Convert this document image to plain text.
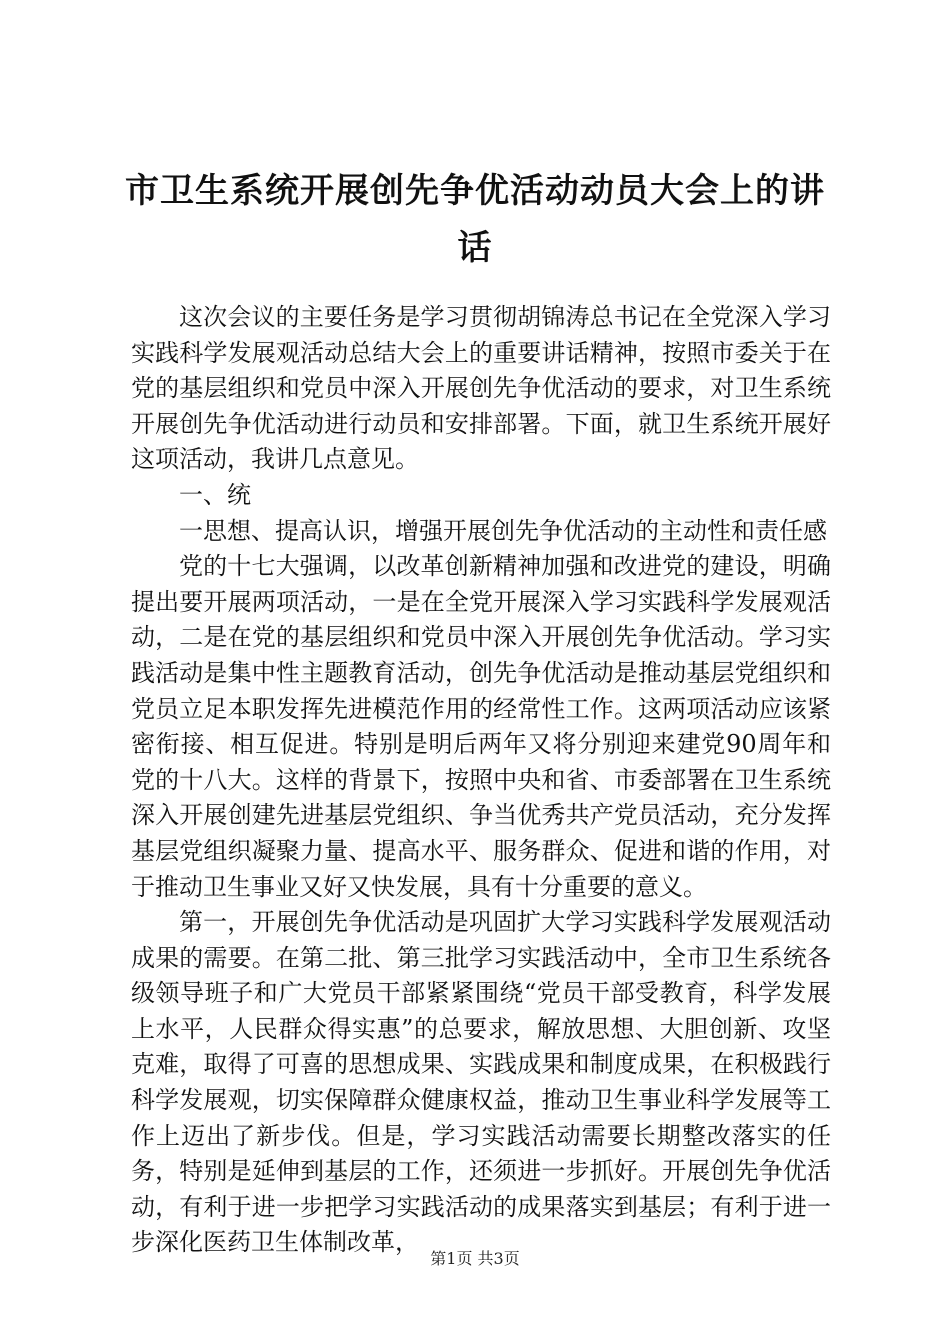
市卫生系统开展创先争优活动动员大会上的讲
话

这次会议的主要任务是学习贯彻胡锦涛总书记在全党深入学习实践科学发展观活动总结大会上的重要讲话精神，按照市委关于在党的基层组织和党员中深入开展创先争优活动的要求，对卫生系统开展创先争优活动进行动员和安排部署。下面，就卫生系统开展好这项活动，我讲几点意见。

一、统

一思想、提高认识，增强开展创先争优活动的主动性和责任感

党的十七大强调，以改革创新精神加强和改进党的建设，明确提出要开展两项活动，一是在全党开展深入学习实践科学发展观活动，二是在党的基层组织和党员中深入开展创先争优活动。学习实践活动是集中性主题教育活动，创先争优活动是推动基层党组织和党员立足本职发挥先进模范作用的经常性工作。这两项活动应该紧密衔接、相互促进。特别是明后两年又将分别迎来建党90周年和党的十八大。这样的背景下，按照中央和省、市委部署在卫生系统深入开展创建先进基层党组织、争当优秀共产党员活动，充分发挥基层党组织凝聚力量、提高水平、服务群众、促进和谐的作用，对于推动卫生事业又好又快发展，具有十分重要的意义。

第一，开展创先争优活动是巩固扩大学习实践科学发展观活动成果的需要。在第二批、第三批学习实践活动中，全市卫生系统各级领导班子和广大党员干部紧紧围绕“党员干部受教育，科学发展上水平，人民群众得实惠”的总要求，解放思想、大胆创新、攻坚克难，取得了可喜的思想成果、实践成果和制度成果，在积极践行科学发展观，切实保障群众健康权益，推动卫生事业科学发展等工作上迈出了新步伐。但是，学习实践活动需要长期整改落实的任务，特别是延伸到基层的工作，还须进一步抓好。开展创先争优活动，有利于进一步把学习实践活动的成果落实到基层；有利于进一步深化医药卫生体制改革，

第1页 共3页
